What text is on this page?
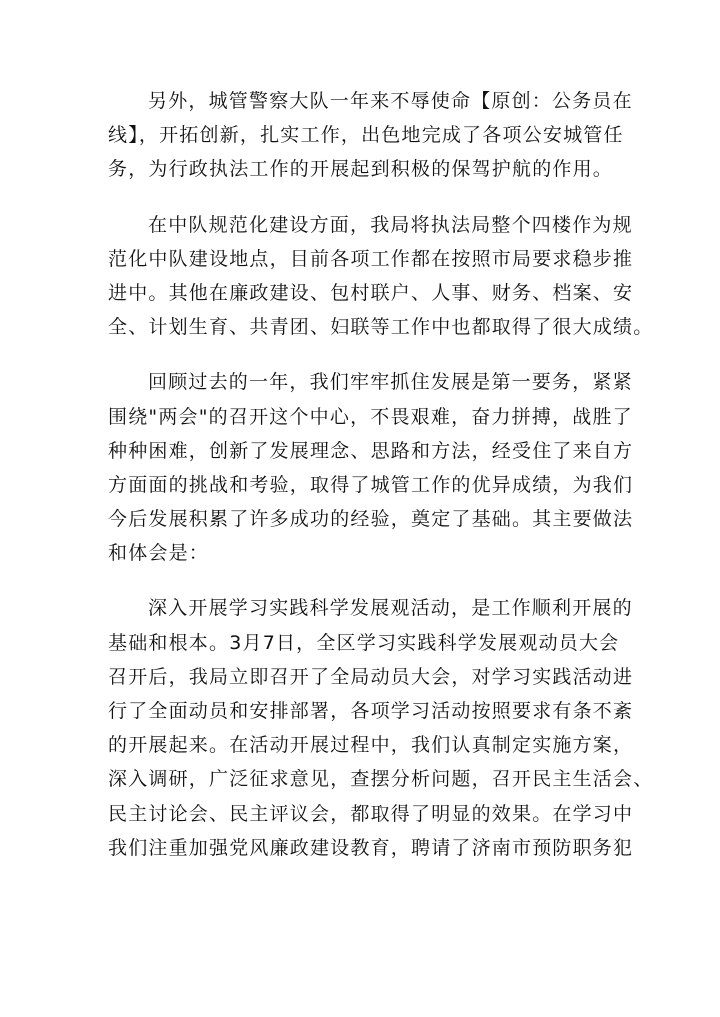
另外，城管警察大队一年来不辱使命【原创：公务员在
线】，开拓创新，扎实工作，出色地完成了各项公安城管任
务，为行政执法工作的开展起到积极的保驾护航的作用。
在中队规范化建设方面，我局将执法局整个四楼作为规
范化中队建设地点，目前各项工作都在按照市局要求稳步推
进中。其他在廉政建设、包村联户、人事、财务、档案、安
全、计划生育、共青团、妇联等工作中也都取得了很大成绩。
回顾过去的一年，我们牢牢抓住发展是第一要务，紧紧
围绕"两会"的召开这个中心，不畏艰难，奋力拼搏，战胜了
种种困难，创新了发展理念、思路和方法，经受住了来自方
方面面的挑战和考验，取得了城管工作的优异成绩，为我们
今后发展积累了许多成功的经验，奠定了基础。其主要做法
和体会是：
深入开展学习实践科学发展观活动，是工作顺利开展的
基础和根本。3月7日，全区学习实践科学发展观动员大会
召开后，我局立即召开了全局动员大会，对学习实践活动进
行了全面动员和安排部署，各项学习活动按照要求有条不紊
的开展起来。在活动开展过程中，我们认真制定实施方案，
深入调研，广泛征求意见，查摆分析问题，召开民主生活会、
民主讨论会、民主评议会，都取得了明显的效果。在学习中
我们注重加强党风廉政建设教育，聘请了济南市预防职务犯
